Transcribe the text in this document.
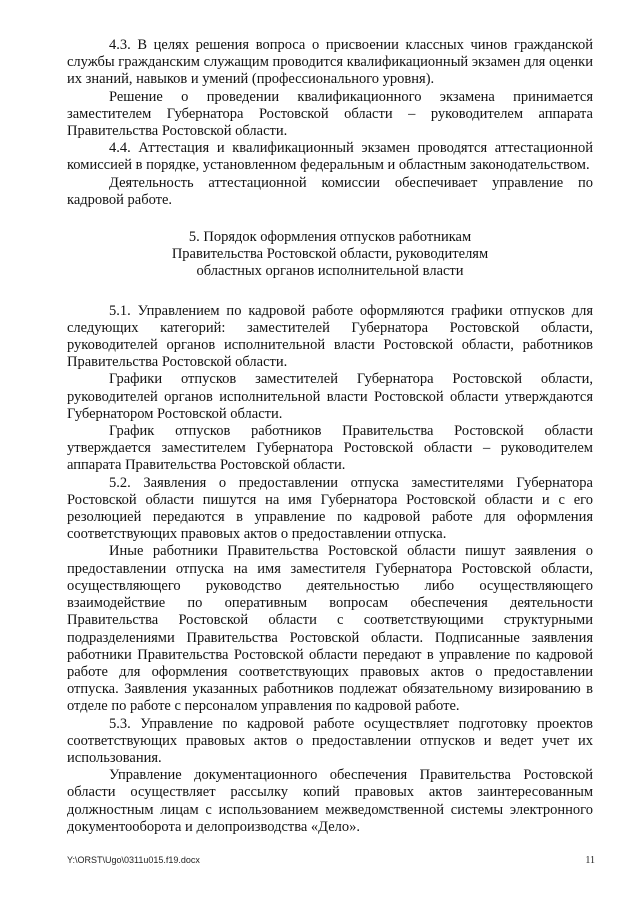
4.3. В целях решения вопроса о присвоении классных чинов гражданской службы гражданским служащим проводится квалификационный экзамен для оценки их знаний, навыков и умений (профессионального уровня).

Решение о проведении квалификационного экзамена принимается заместителем Губернатора Ростовской области – руководителем аппарата Правительства Ростовской области.

4.4. Аттестация и квалификационный экзамен проводятся аттестационной комиссией в порядке, установленном федеральным и областным законодательством.

Деятельность аттестационной комиссии обеспечивает управление по кадровой работе.

5. Порядок оформления отпусков работникам
Правительства Ростовской области, руководителям
областных органов исполнительной власти

5.1. Управлением по кадровой работе оформляются графики отпусков для следующих категорий: заместителей Губернатора Ростовской области, руководителей органов исполнительной власти Ростовской области, работников Правительства Ростовской области.

Графики отпусков заместителей Губернатора Ростовской области, руководителей органов исполнительной власти Ростовской области утверждаются Губернатором Ростовской области.

График отпусков работников Правительства Ростовской области утверждается заместителем Губернатора Ростовской области – руководителем аппарата Правительства Ростовской области.

5.2. Заявления о предоставлении отпуска заместителями Губернатора Ростовской области пишутся на имя Губернатора Ростовской области и с его резолюцией передаются в управление по кадровой работе для оформления соответствующих правовых актов о предоставлении отпуска.

Иные работники Правительства Ростовской области пишут заявления о предоставлении отпуска на имя заместителя Губернатора Ростовской области, осуществляющего руководство деятельностью либо осуществляющего взаимодействие по оперативным вопросам обеспечения деятельности Правительства Ростовской области с соответствующими структурными подразделениями Правительства Ростовской области. Подписанные заявления работники Правительства Ростовской области передают в управление по кадровой работе для оформления соответствующих правовых актов о предоставлении отпуска. Заявления указанных работников подлежат обязательному визированию в отделе по работе с персоналом управления по кадровой работе.

5.3. Управление по кадровой работе осуществляет подготовку проектов соответствующих правовых актов о предоставлении отпусков и ведет учет их использования.

Управление документационного обеспечения Правительства Ростовской области осуществляет рассылку копий правовых актов заинтересованным должностным лицам с использованием межведомственной системы электронного документооборота и делопроизводства «Дело».

Y:\ORST\Ugo\0311u015.f19.docx	11
